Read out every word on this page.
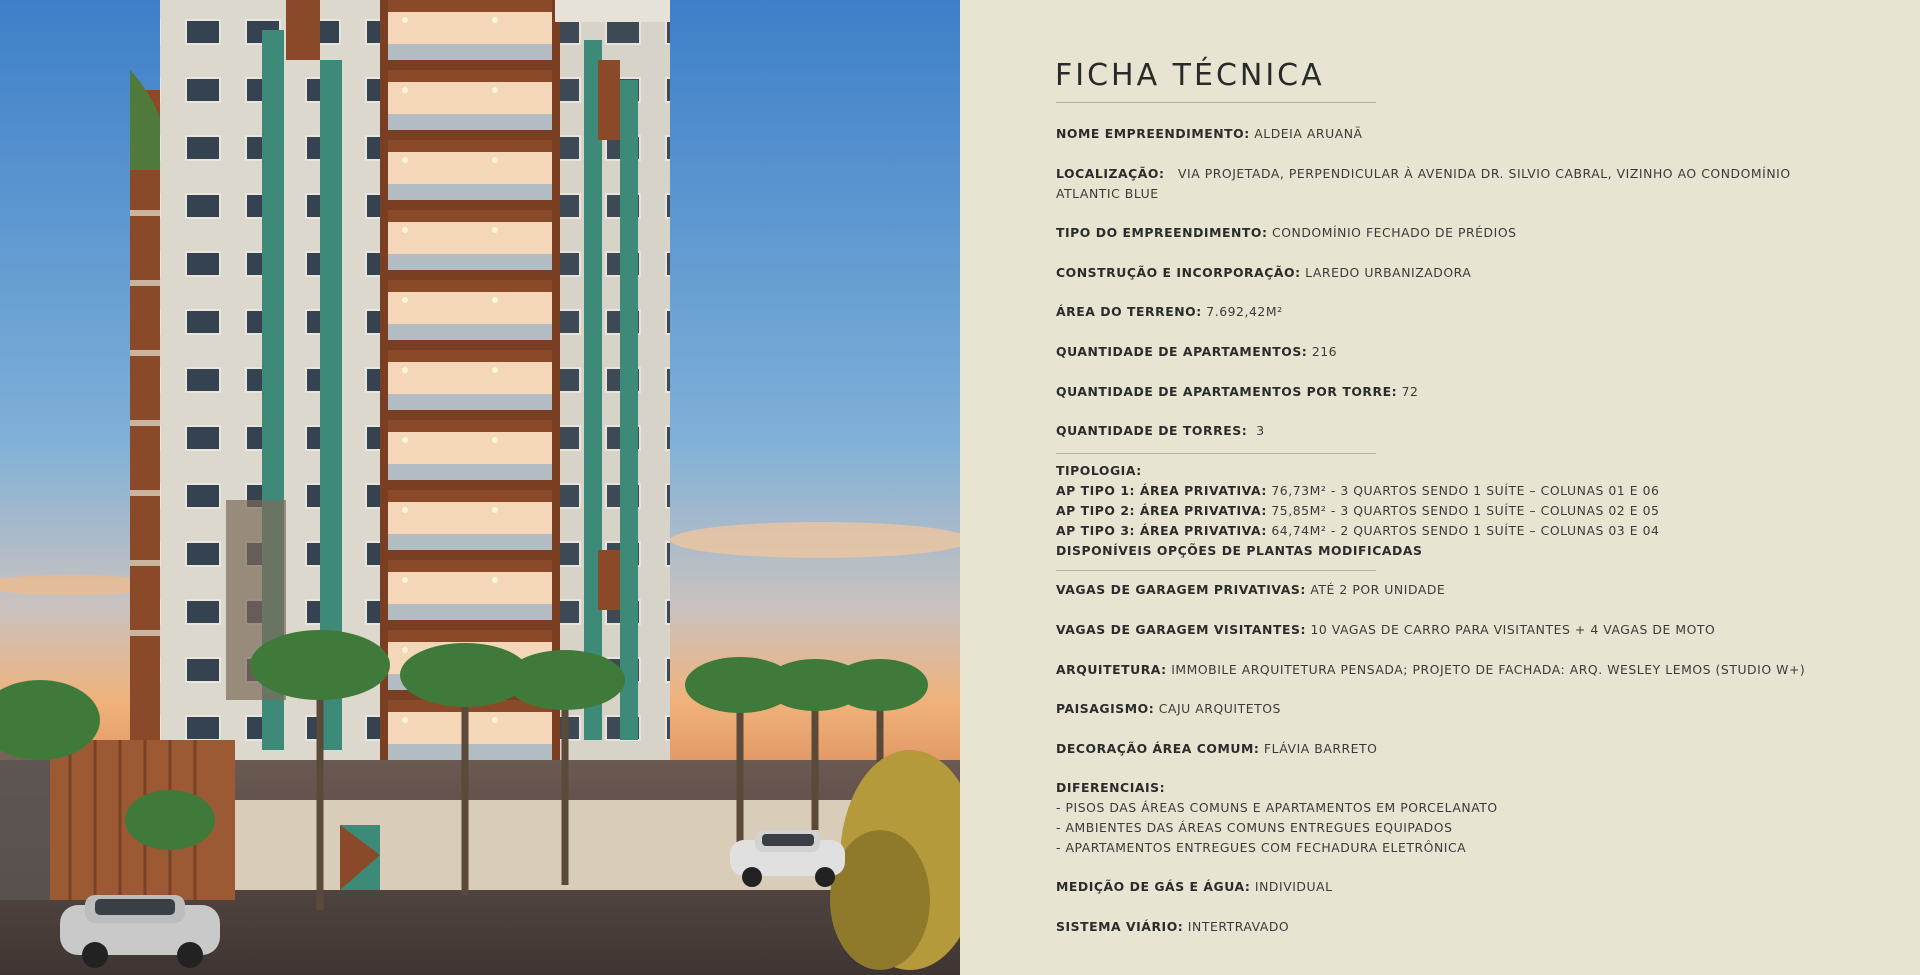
FICHA TÉCNICA
NOME EMPREENDIMENTO: ALDEIA ARUANÃ
LOCALIZAÇÃO: VIA PROJETADA, PERPENDICULAR À AVENIDA DR. SILVIO CABRAL, VIZINHO AO CONDOMÍNIO
ATLANTIC BLUE
TIPO DO EMPREENDIMENTO: CONDOMÍNIO FECHADO DE PRÉDIOS
CONSTRUÇÃO E INCORPORAÇÃO: LAREDO URBANIZADORA
ÁREA DO TERRENO: 7.692,42M²
QUANTIDADE DE APARTAMENTOS: 216
QUANTIDADE DE APARTAMENTOS POR TORRE: 72
QUANTIDADE DE TORRES: 3
TIPOLOGIA:
AP TIPO 1: ÁREA PRIVATIVA: 76,73M² - 3 QUARTOS SENDO 1 SUÍTE – COLUNAS 01 E 06
AP TIPO 2: ÁREA PRIVATIVA: 75,85M² - 3 QUARTOS SENDO 1 SUÍTE – COLUNAS 02 E 05
AP TIPO 3: ÁREA PRIVATIVA: 64,74M² - 2 QUARTOS SENDO 1 SUÍTE – COLUNAS 03 E 04
DISPONÍVEIS OPÇÕES DE PLANTAS MODIFICADAS
VAGAS DE GARAGEM PRIVATIVAS: ATÉ 2 POR UNIDADE
VAGAS DE GARAGEM VISITANTES: 10 VAGAS DE CARRO PARA VISITANTES + 4 VAGAS DE MOTO
ARQUITETURA: IMMOBILE ARQUITETURA PENSADA; PROJETO DE FACHADA: ARQ. WESLEY LEMOS (STUDIO W+)
PAISAGISMO: CAJU ARQUITETOS
DECORAÇÃO ÁREA COMUM: FLÁVIA BARRETO
DIFERENCIAIS:
- PISOS DAS ÁREAS COMUNS E APARTAMENTOS EM PORCELANATO
- AMBIENTES DAS ÁREAS COMUNS ENTREGUES EQUIPADOS
- APARTAMENTOS ENTREGUES COM FECHADURA ELETRÔNICA
MEDIÇÃO DE GÁS E ÁGUA: INDIVIDUAL
SISTEMA VIÁRIO: INTERTRAVADO
